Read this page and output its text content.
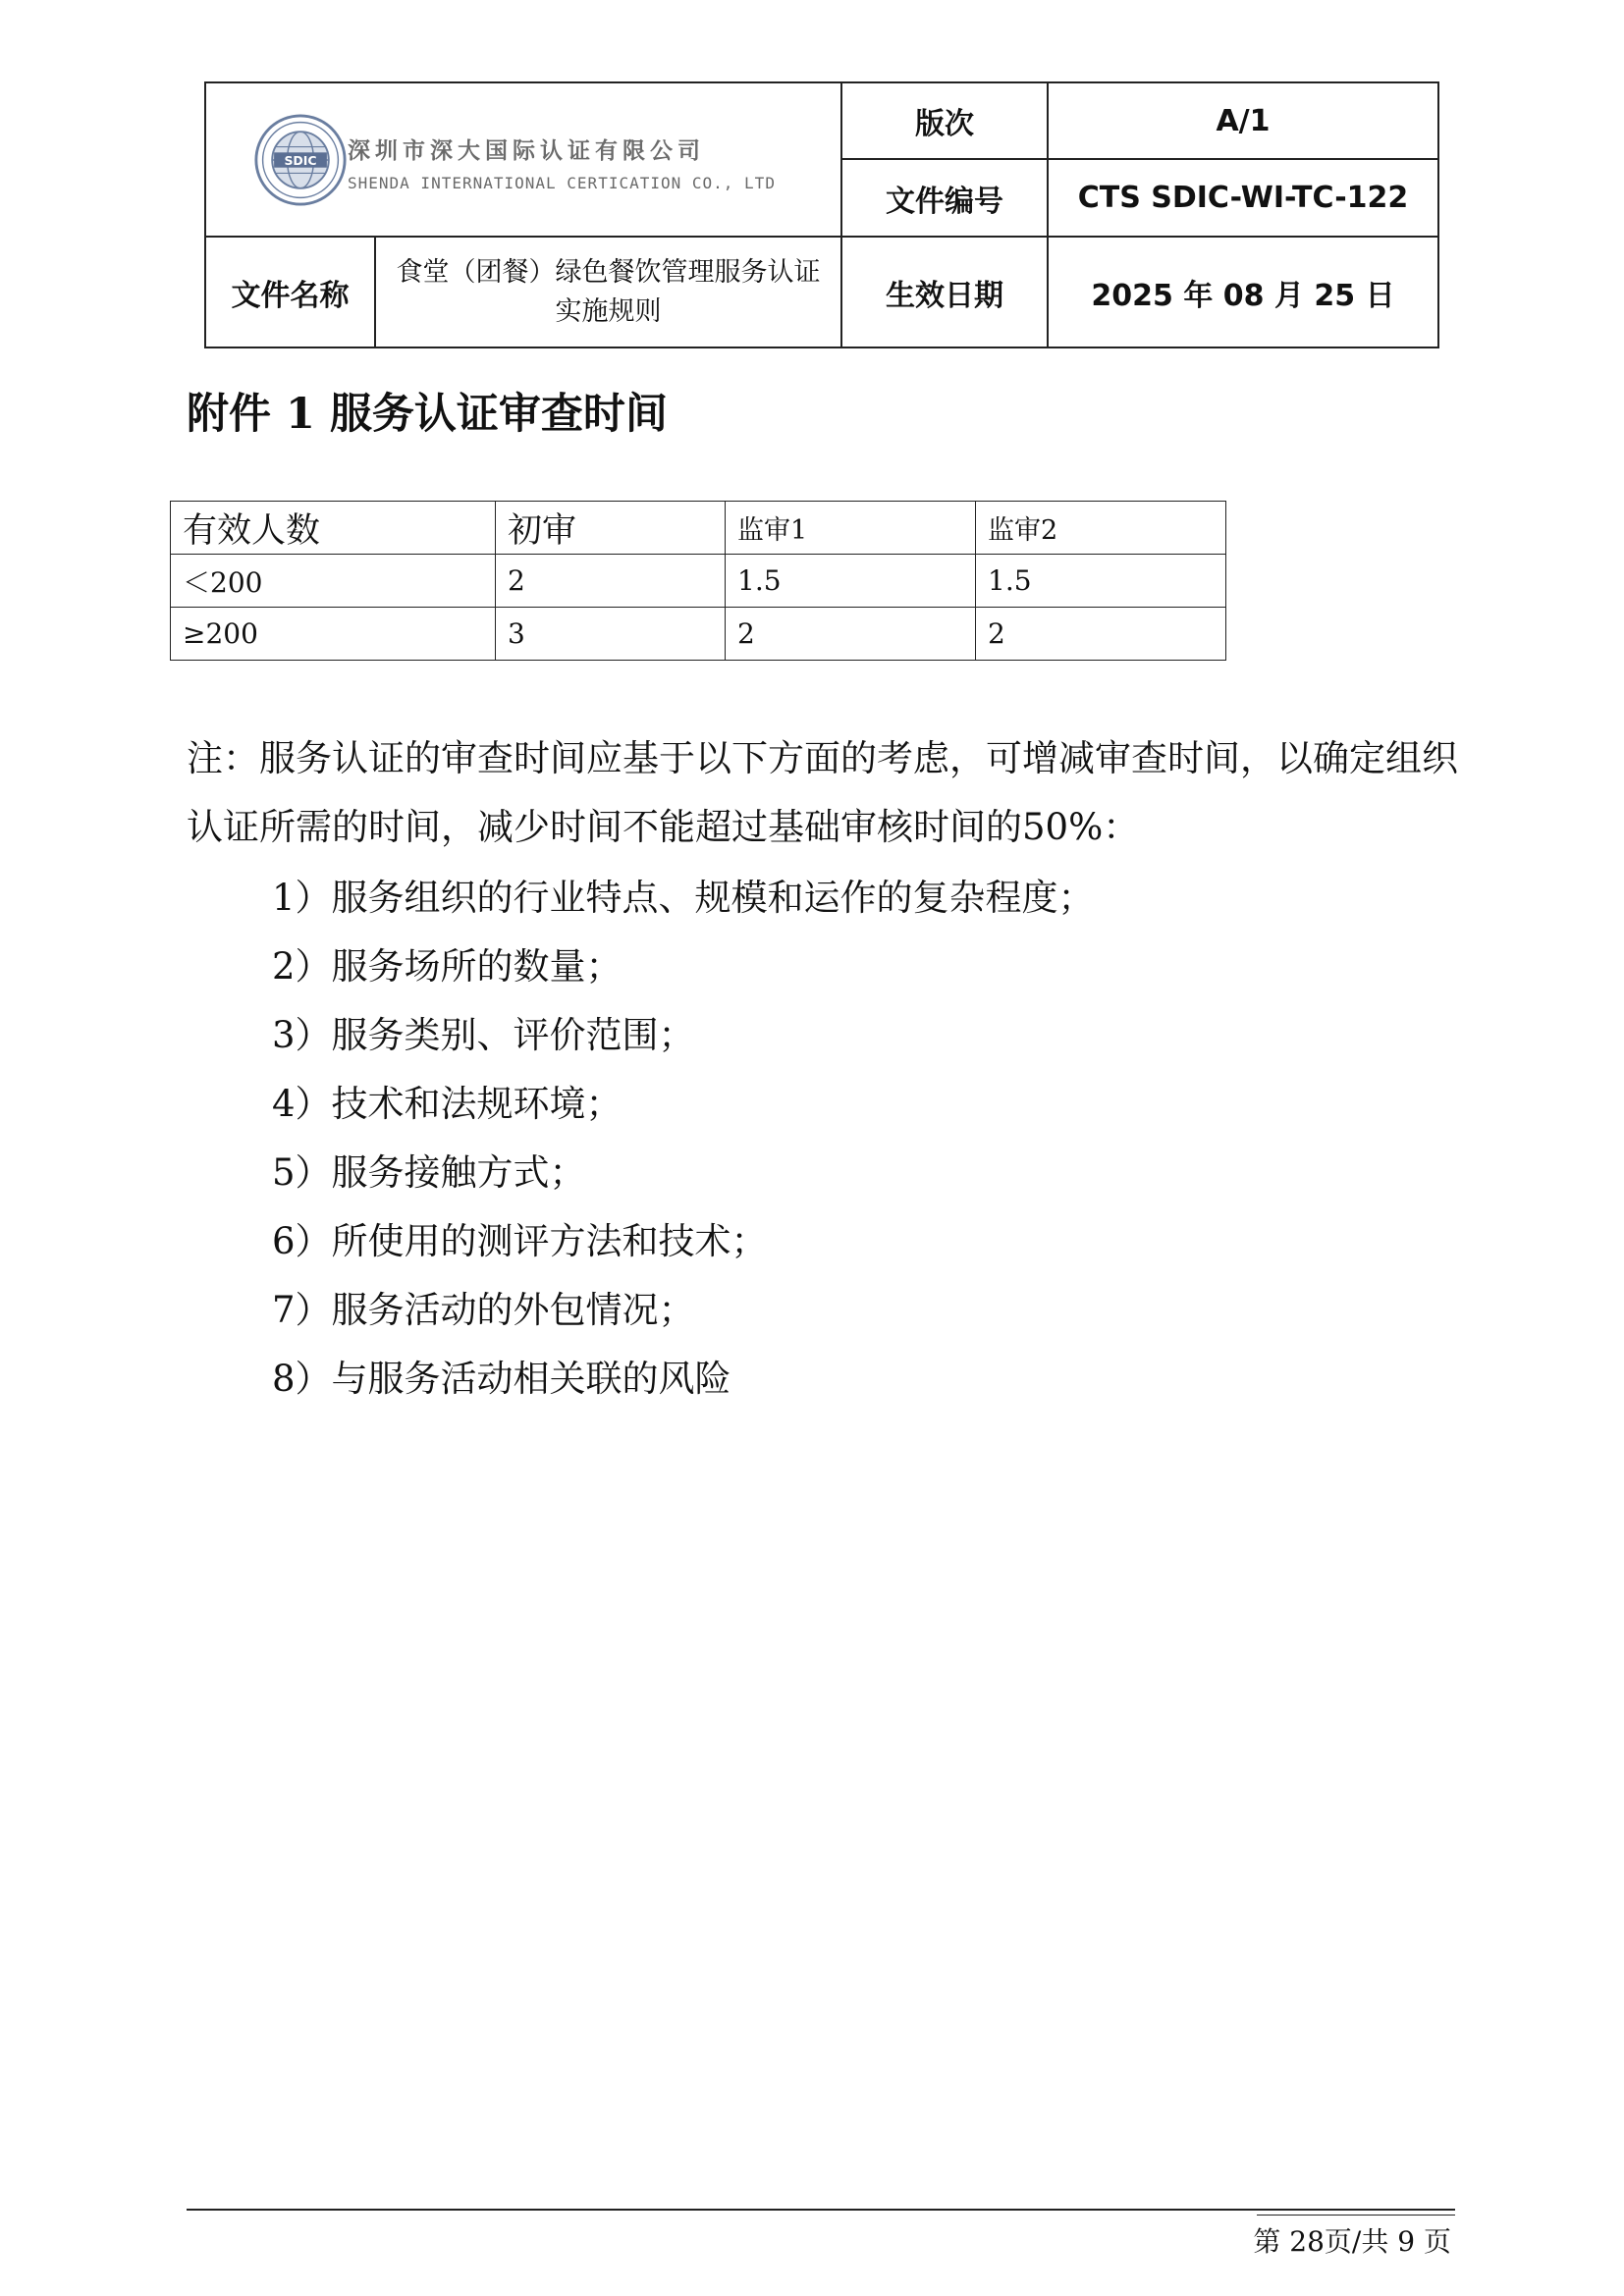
SDIC 深圳市深大国际认证有限公司
SHENDA INTERNATIONAL CERTICATION CO., LTD		版次	A/1
		文件编号	CTS SDIC-WI-TC-122
文件名称	食堂（团餐）绿色餐饮管理服务认证实施规则	生效日期	2025 年 08 月 25 日
附件 1 服务认证审查时间
有效人数	初审	监审1	监审2
＜200	2	1.5	1.5
≥200	3	2	2
注：服务认证的审查时间应基于以下方面的考虑，可增减审查时间，以确定组织认证所需的时间，减少时间不能超过基础审核时间的50%：
1）服务组织的行业特点、规模和运作的复杂程度；
2）服务场所的数量；
3）服务类别、评价范围；
4）技术和法规环境；
5）服务接触方式；
6）所使用的测评方法和技术；
7）服务活动的外包情况；
8）与服务活动相关联的风险
第 28页/共 9 页
